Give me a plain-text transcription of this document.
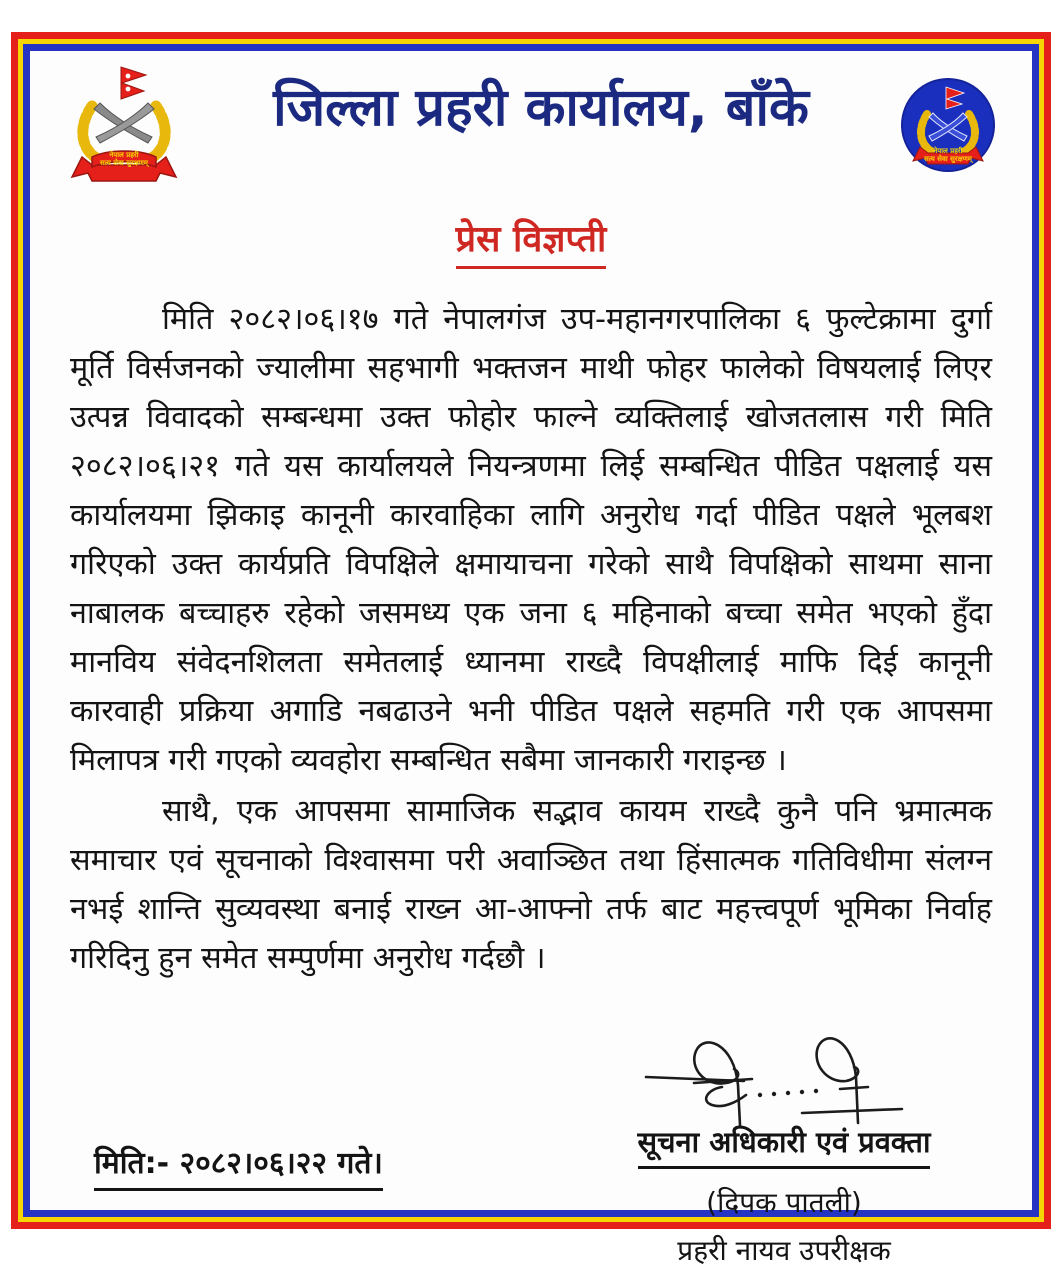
नेपाल प्रहरी
सत्य सेवा सुरक्षणम्
जिल्ला प्रहरी कार्यालय, बाँके
नेपाल प्रहरी
सत्य सेवा सुरक्षणम्
प्रेस विज्ञप्ती

मिति २०८२।०६।१७ गते नेपालगंज उप-महानगरपालिका ६ फुल्टेक्रामा दुर्गा मूर्ति विर्सजनको ज्यालीमा सहभागी भक्तजन माथी फोहर फालेको विषयलाई लिएर उत्पन्न विवादको सम्बन्धमा उक्त फोहोर फाल्ने व्यक्तिलाई खोजतलास गरी मिति २०८२।०६।२१ गते यस कार्यालयले नियन्त्रणमा लिई सम्बन्धित पीडित पक्षलाई यस कार्यालयमा झिकाइ कानूनी कारवाहिका लागि अनुरोध गर्दा पीडित पक्षले भूलबश गरिएको उक्त कार्यप्रति विपक्षिले क्षमायाचना गरेको साथै विपक्षिको साथमा साना नाबालक बच्चाहरु रहेको जसमध्य एक जना ६ महिनाको बच्चा समेत भएको हुँदा मानविय संवेदनशिलता समेतलाई ध्यानमा राख्दै विपक्षीलाई माफि दिई कानूनी कारवाही प्रक्रिया अगाडि नबढाउने भनी पीडित पक्षले सहमति गरी एक आपसमा मिलापत्र गरी गएको व्यवहोरा सम्बन्धित सबैमा जानकारी गराइन्छ ।

साथै, एक आपसमा सामाजिक सद्भाव कायम राख्दै कुनै पनि भ्रमात्मक समाचार एवं सूचनाको विश्वासमा परी अवाञ्छित तथा हिंसात्मक गतिविधीमा संलग्न नभई शान्ति सुव्यवस्था बनाई राख्न आ-आफ्नो तर्फ बाट महत्त्वपूर्ण भूमिका निर्वाह गरिदिनु हुन समेत सम्पुर्णमा अनुरोध गर्दछौ ।

मिति:- २०८२।०६।२२ गते।
सूचना अधिकारी एवं प्रवक्ता
(दिपक पातली)
प्रहरी नायव उपरीक्षक
